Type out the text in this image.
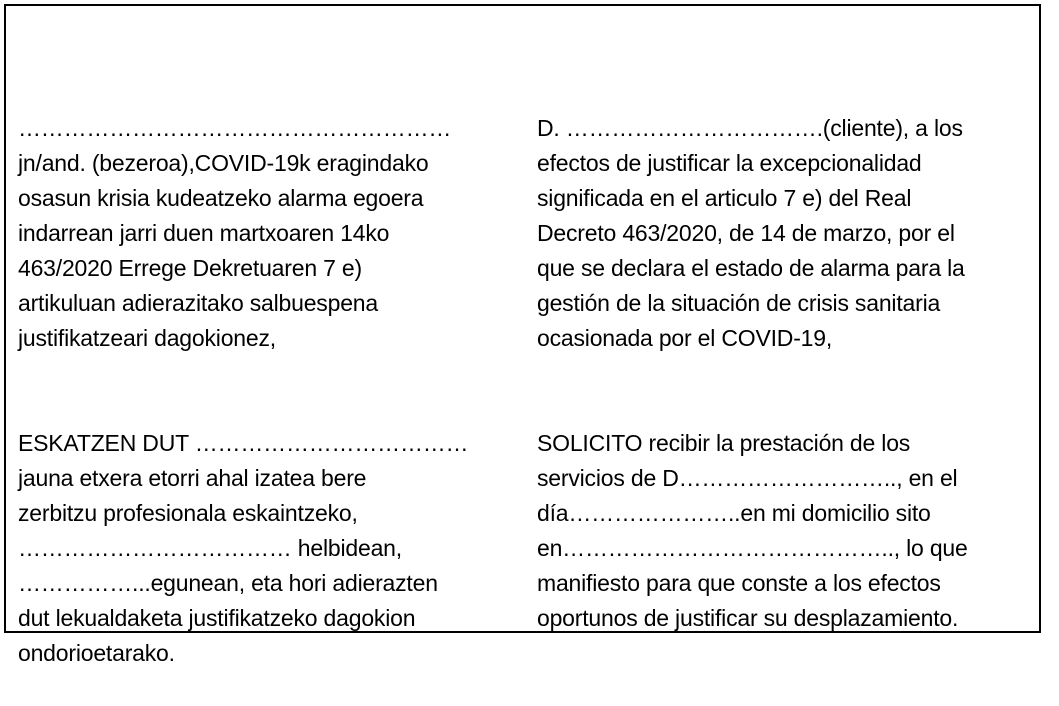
…………………………………………………
jn/and. (bezeroa),COVID-19k eragindako
osasun krisia kudeatzeko alarma egoera
indarrean jarri duen martxoaren 14ko
463/2020 Errege Dekretuaren 7 e)
artikuluan adierazitako salbuespena
justifikatzeari dagokionez,

ESKATZEN DUT ………………………………
jauna etxera etorri ahal izatea bere
zerbitzu profesionala eskaintzeko,
……………………………… helbidean,
……………...egunean, eta hori adierazten
dut lekualdaketa justifikatzeko dagokion
ondorioetarako.

D. …………………………….(cliente), a los
efectos de justificar la excepcionalidad
significada en el articulo 7 e) del Real
Decreto 463/2020, de 14 de marzo, por el
que se declara el estado de alarma para la
gestión de la situación de crisis sanitaria
ocasionada por el COVID-19,

SOLICITO recibir la prestación de los
servicios de D……………………….., en el
día…………………..en mi domicilio sito
en…………………………………….., lo que
manifiesto para que conste a los efectos
oportunos de justificar su desplazamiento.
